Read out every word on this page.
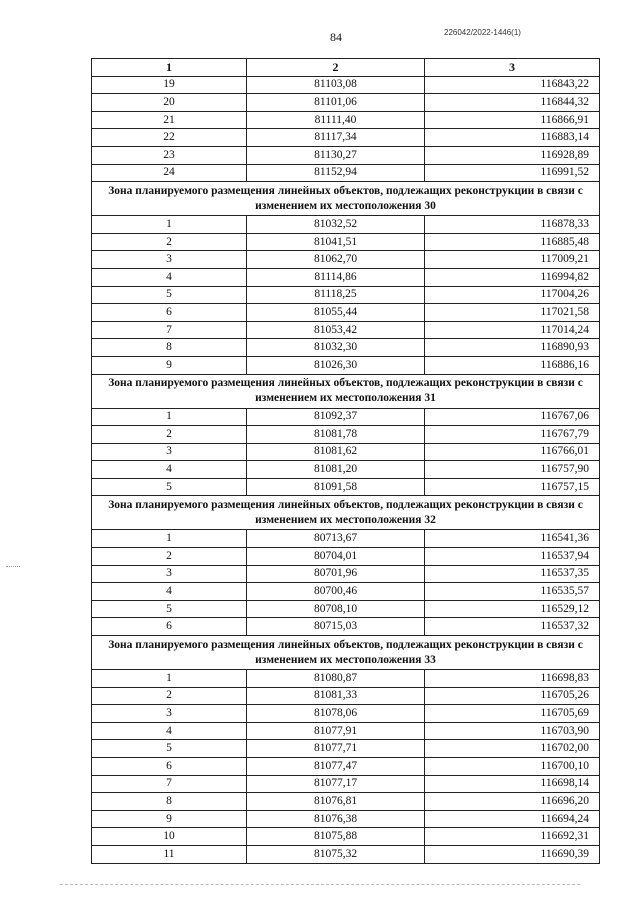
84	226042/2022-1446(1)
1	2	3
19	81103,08	116843,22
20	81101,06	116844,32
21	81111,40	116866,91
22	81117,34	116883,14
23	81130,27	116928,89
24	81152,94	116991,52
Зона планируемого размещения линейных объектов, подлежащих реконструкции в связи с изменением их местоположения 30		
1	81032,52	116878,33
2	81041,51	116885,48
3	81062,70	117009,21
4	81114,86	116994,82
5	81118,25	117004,26
6	81055,44	117021,58
7	81053,42	117014,24
8	81032,30	116890,93
9	81026,30	116886,16
Зона планируемого размещения линейных объектов, подлежащих реконструкции в связи с изменением их местоположения 31		
1	81092,37	116767,06
2	81081,78	116767,79
3	81081,62	116766,01
4	81081,20	116757,90
5	81091,58	116757,15
Зона планируемого размещения линейных объектов, подлежащих реконструкции в связи с изменением их местоположения 32		
1	80713,67	116541,36
2	80704,01	116537,94
3	80701,96	116537,35
4	80700,46	116535,57
5	80708,10	116529,12
6	80715,03	116537,32
Зона планируемого размещения линейных объектов, подлежащих реконструкции в связи с изменением их местоположения 33		
1	81080,87	116698,83
2	81081,33	116705,26
3	81078,06	116705,69
4	81077,91	116703,90
5	81077,71	116702,00
6	81077,47	116700,10
7	81077,17	116698,14
8	81076,81	116696,20
9	81076,38	116694,24
10	81075,88	116692,31
11	81075,32	116690,39
